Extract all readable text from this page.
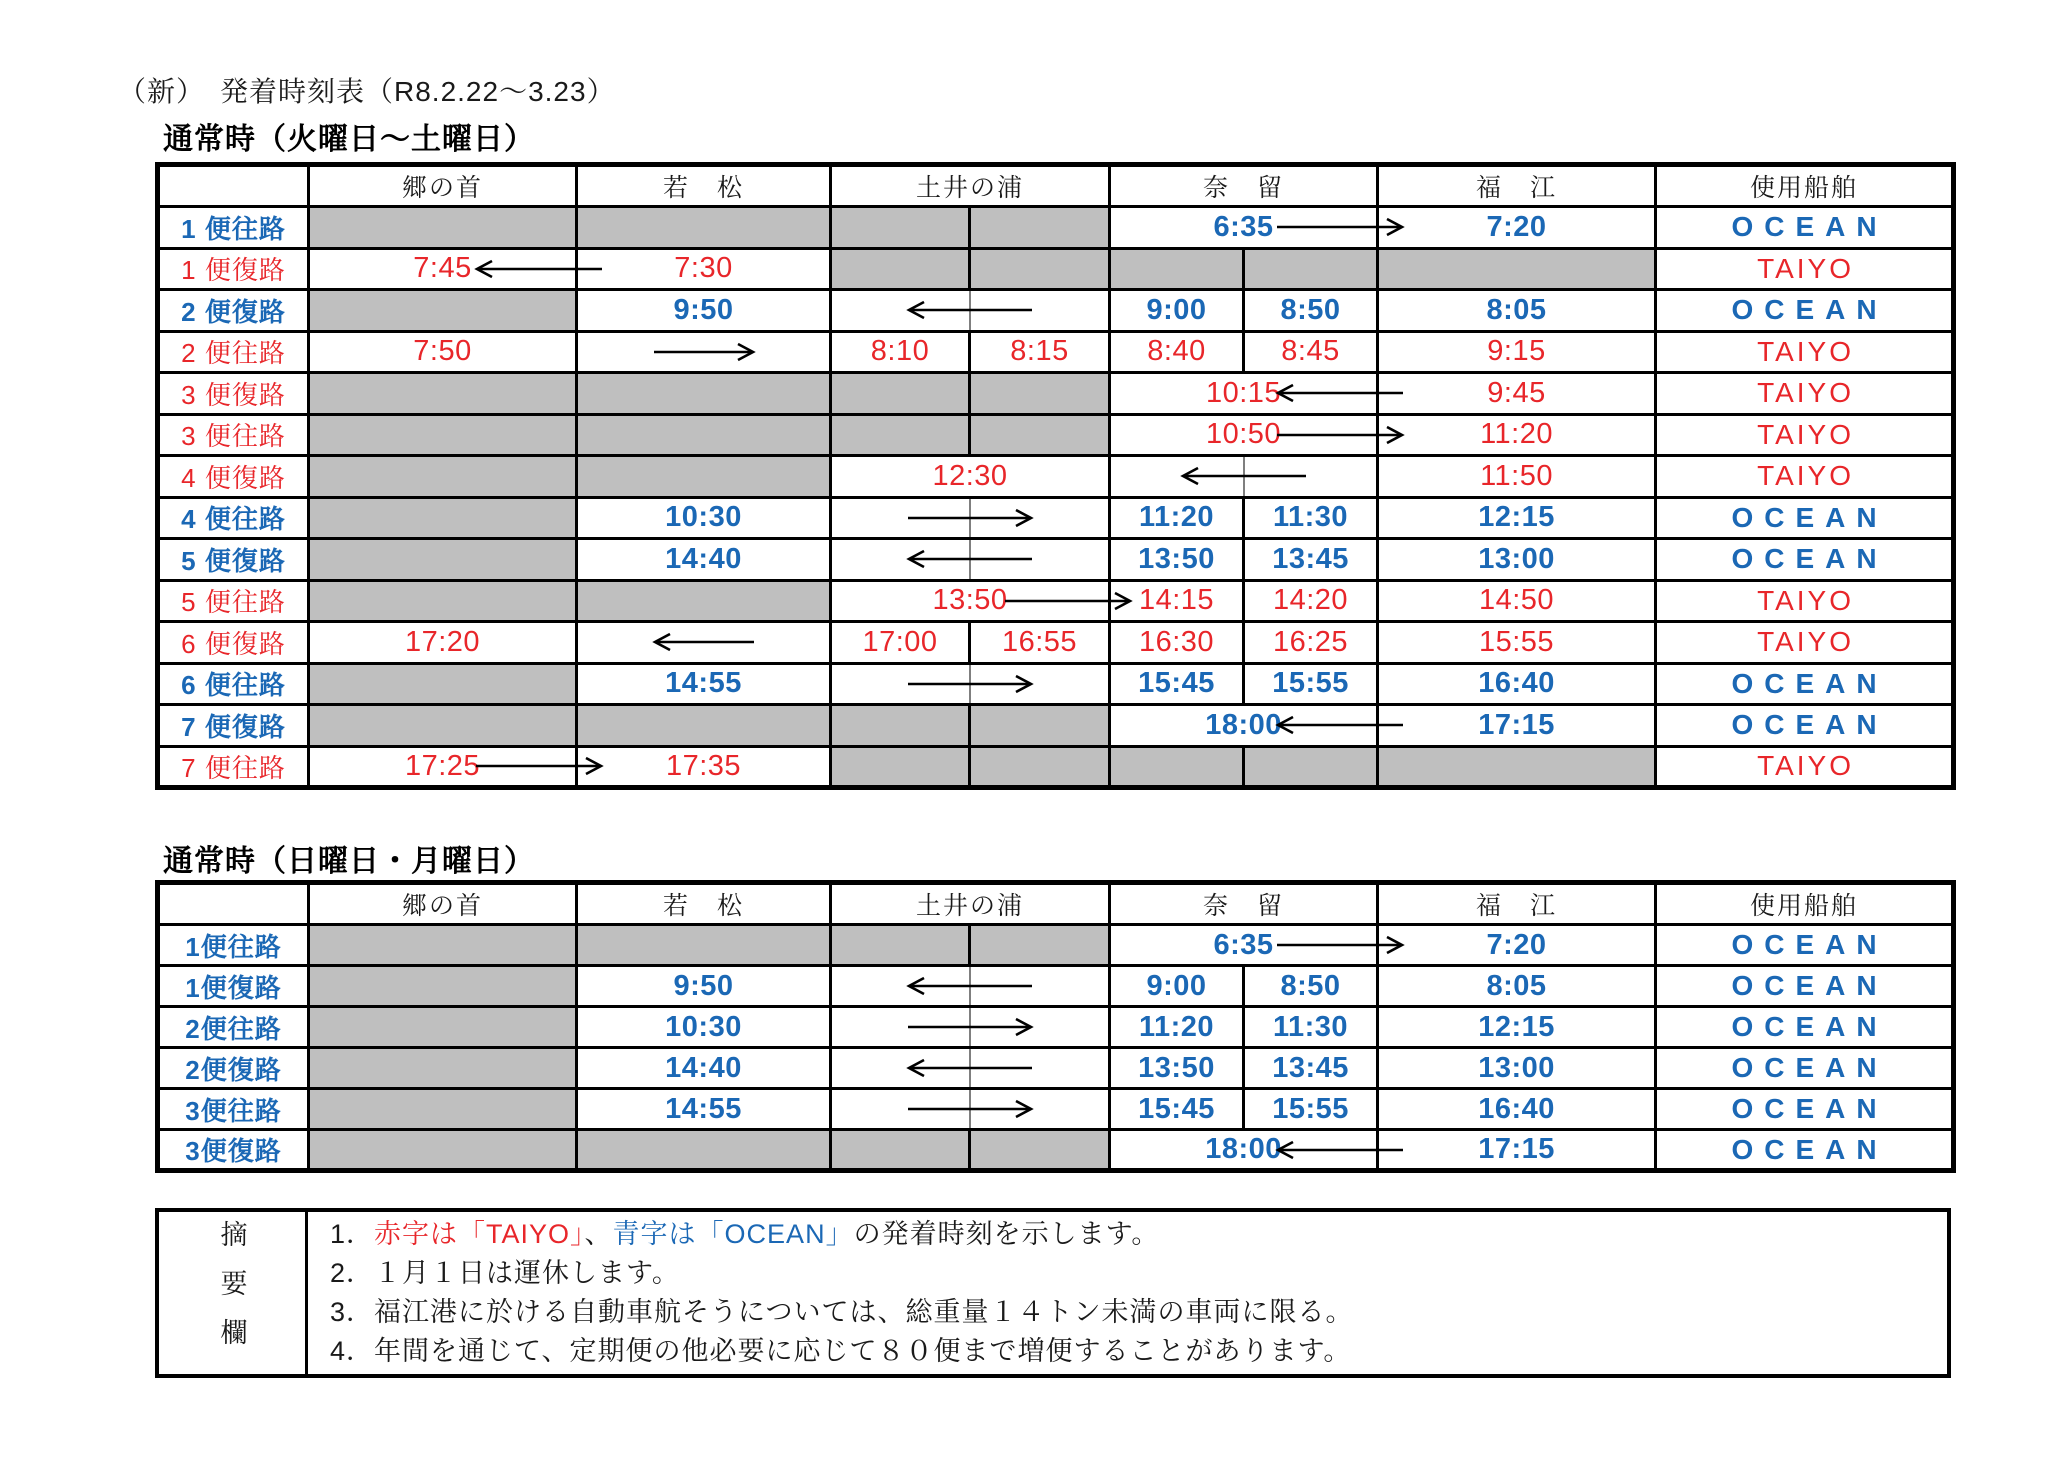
（新）　発着時刻表（R8.2.22～3.23）
通常時（火曜日～土曜日）
	郷の首	若　松	土井の浦		奈　留		福　江	使用船舶

1 便往路					6:35		7:20	OCEAN

1 便復路	7:45	7:30						TAIYO

2 便復路		9:50			9:00	8:50	8:05	OCEAN

2 便往路	7:50		8:10	8:15	8:40	8:45	9:15	TAIYO

3 便復路					10:15		9:45	TAIYO

3 便往路					10:50		11:20	TAIYO

4 便復路			12:30				11:50	TAIYO

4 便往路		10:30			11:20	11:30	12:15	OCEAN

5 便復路		14:40			13:50	13:45	13:00	OCEAN

5 便往路			13:50		14:15	14:20	14:50	TAIYO

6 便復路	17:20		17:00	16:55	16:30	16:25	15:55	TAIYO

6 便往路		14:55			15:45	15:55	16:40	OCEAN

7 便復路					18:00		17:15	OCEAN

7 便往路	17:25	17:35						TAIYO
通常時（日曜日・月曜日）
	郷の首	若　松	土井の浦		奈　留		福　江	使用船舶

1便往路					6:35		7:20	OCEAN

1便復路		9:50			9:00	8:50	8:05	OCEAN

2便往路		10:30			11:20	11:30	12:15	OCEAN

2便復路		14:40			13:50	13:45	13:00	OCEAN

3便往路		14:55			15:45	15:55	16:40	OCEAN

3便復路					18:00		17:15	OCEAN
摘要欄	1．赤字は「TAIYO」、青字は「OCEAN」の発着時刻を示します。
2．１月１日は運休します。
3．福江港に於ける自動車航そうについては、総重量１４トン未満の車両に限る。
4．年間を通じて、定期便の他必要に応じて８０便まで増便することがあります。
